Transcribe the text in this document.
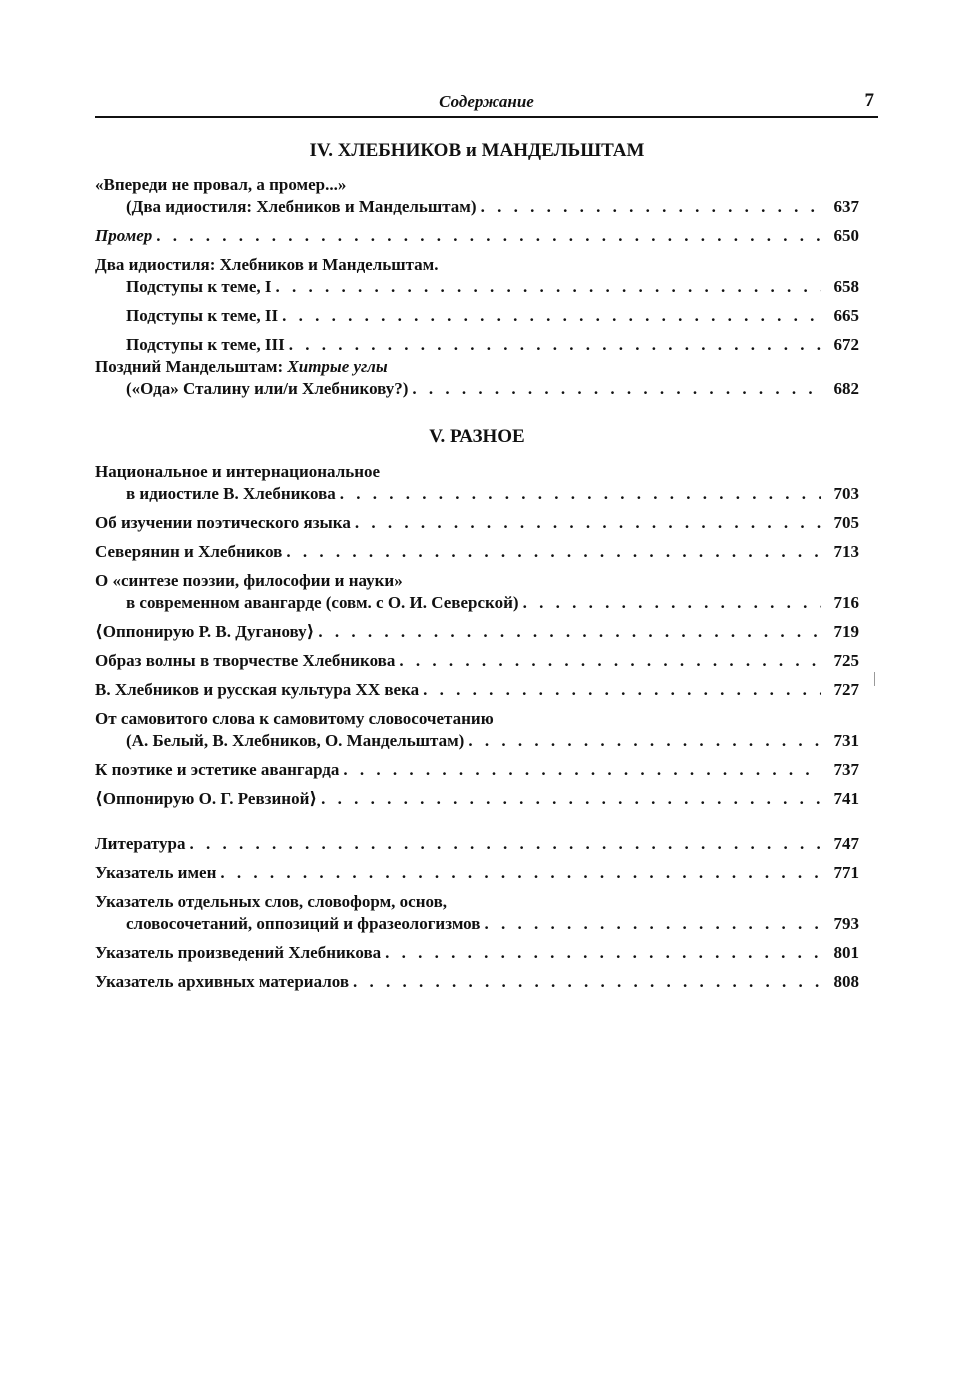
Содержание	7
IV. ХЛЕБНИКОВ и МАНДЕЛЬШТАМ
«Впереди не провал, а промер...»
(Два идиостиля: Хлебников и Мандельштам) . . .	637
Промер . . .	650
Два идиостиля: Хлебников и Мандельштам.
Подступы к теме, I . . .	658
Подступы к теме, II . . .	665
Подступы к теме, III . . .	672
Поздний Мандельштам: Хитрые углы
(«Ода» Сталину или/и Хлебникову?) . . .	682
V. РАЗНОЕ
Национальное и интернациональное
в идиостиле В. Хлебникова . . .	703
Об изучении поэтического языка . . .	705
Северянин и Хлебников . . .	713
О «синтезе поэзии, философии и науки»
в современном авангарде (совм. с О. И. Северской) . . .	716
⟨Оппонирую Р. В. Дуганову⟩ . . .	719
Образ волны в творчестве Хлебникова . . .	725
В. Хлебников и русская культура XX века . . .	727
От самовитого слова к самовитому словосочетанию
(А. Белый, В. Хлебников, О. Мандельштам) . . .	731
К поэтике и эстетике авангарда . . .	737
⟨Оппонирую О. Г. Ревзиной⟩ . . .	741
Литература . . .	747
Указатель имен . . .	771
Указатель отдельных слов, словоформ, основ,
словосочетаний, оппозиций и фразеологизмов . . .	793
Указатель произведений Хлебникова . . .	801
Указатель архивных материалов . . .	808
